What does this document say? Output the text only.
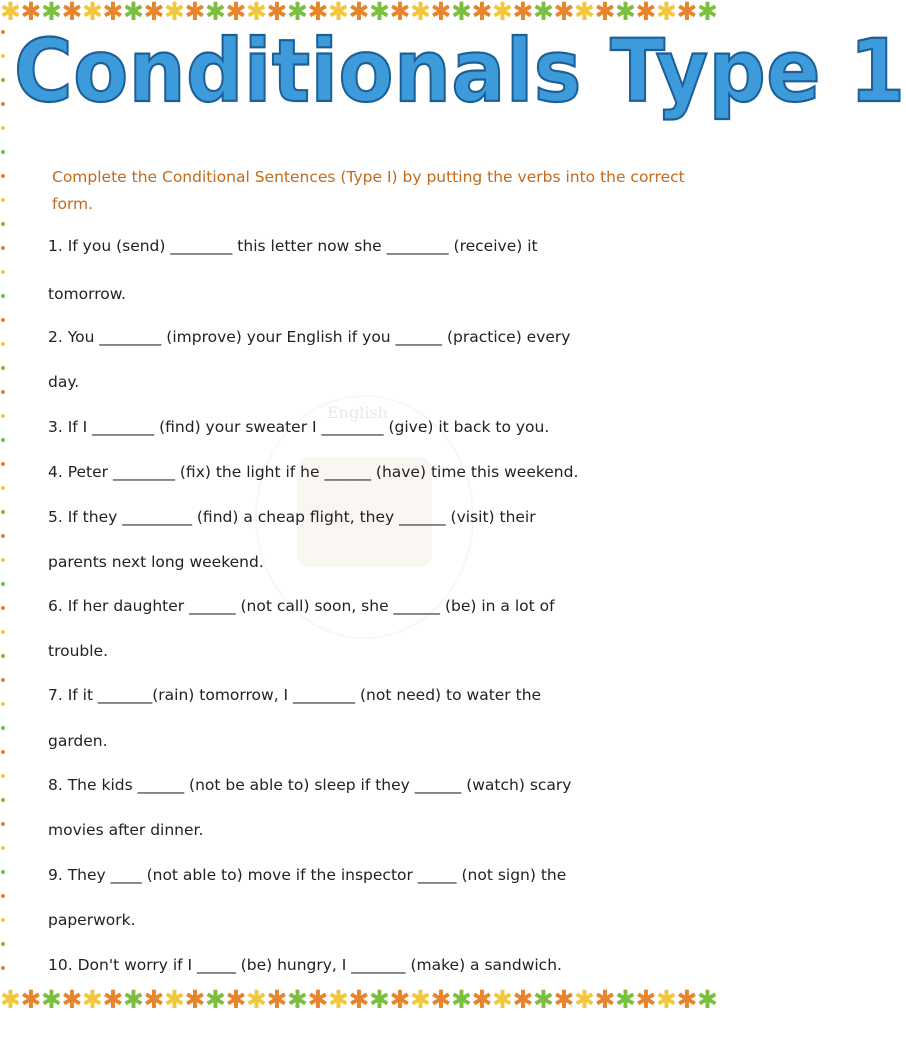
✱ ✱ ✱ ✱ ✱ ✱ ✱ ✱ ✱ ✱ ✱ ✱ ✱ ✱ ✱ ✱ ✱ ✱ ✱ ✱ ✱ ✱ ✱ ✱ ✱ ✱ ✱ ✱ ✱ ✱ ✱ ✱ ✱ ✱ ✱
Conditionals Type 1
Complete the Conditional Sentences (Type I) by putting the verbs into the correct form.
English
1. If you (send) ________ this letter now she ________ (receive) it
tomorrow.
2. You ________ (improve) your English if you ______ (practice) every
day.
3. If I ________ (find) your sweater I ________ (give) it back to you.
4. Peter ________ (fix) the light if he ______ (have) time this weekend.
5. If they _________ (find) a cheap flight, they ______ (visit) their
parents next long weekend.
6. If her daughter ______ (not call) soon, she ______ (be) in a lot of
trouble.
7. If it _______(rain) tomorrow, I ________ (not need) to water the
garden.
8. The kids ______ (not be able to) sleep if they ______ (watch) scary
movies after dinner.
9. They ____ (not able to) move if the inspector _____ (not sign) the
paperwork.
10. Don't worry if I _____ (be) hungry, I _______ (make) a sandwich.
✱ ✱ ✱ ✱ ✱ ✱ ✱ ✱ ✱ ✱ ✱ ✱ ✱ ✱ ✱ ✱ ✱ ✱ ✱ ✱ ✱ ✱ ✱ ✱ ✱ ✱ ✱ ✱ ✱ ✱ ✱ ✱ ✱ ✱ ✱
